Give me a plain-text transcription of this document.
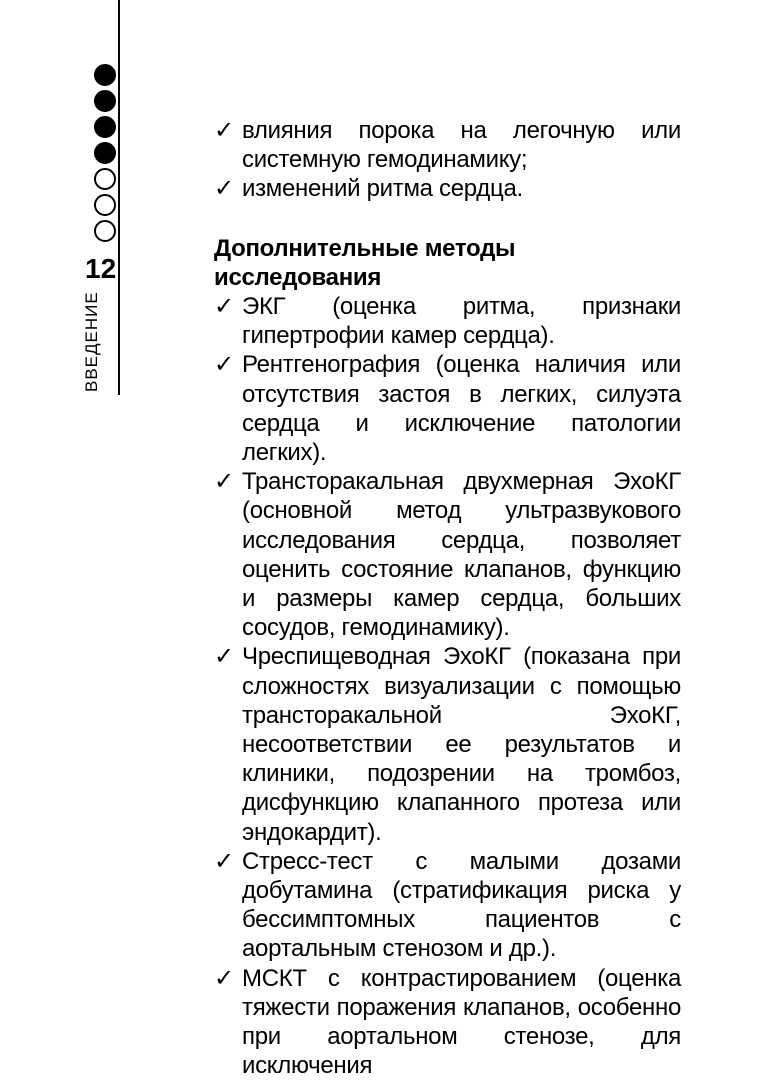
12
ВВЕДЕНИЕ
✓ влияния порока на легочную или системную гемодинамику;
✓ изменений ритма сердца.
Дополнительные методы исследования
✓ ЭКГ (оценка ритма, признаки гипертрофии камер сердца).
✓ Рентгенография (оценка наличия или отсутствия застоя в легких, силуэта сердца и исключение патологии легких).
✓ Трансторакальная двухмерная ЭхоКГ (основной метод ультразвукового исследования сердца, позволяет оценить состояние клапанов, функцию и размеры камер сердца, больших сосудов, гемодинамику).
✓ Чреспищеводная ЭхоКГ (показана при сложностях визуализации с помощью трансторакальной ЭхоКГ, несоответствии ее результатов и клиники, подозрении на тромбоз, дисфункцию клапанного протеза или эндокардит).
✓ Стресс-тест с малыми дозами добутамина (стратификация риска у бессимптомных пациентов с аортальным стенозом и др.).
✓ МСКТ с контрастированием (оценка тяжести поражения клапанов, особенно при аортальном стенозе, для исключения
